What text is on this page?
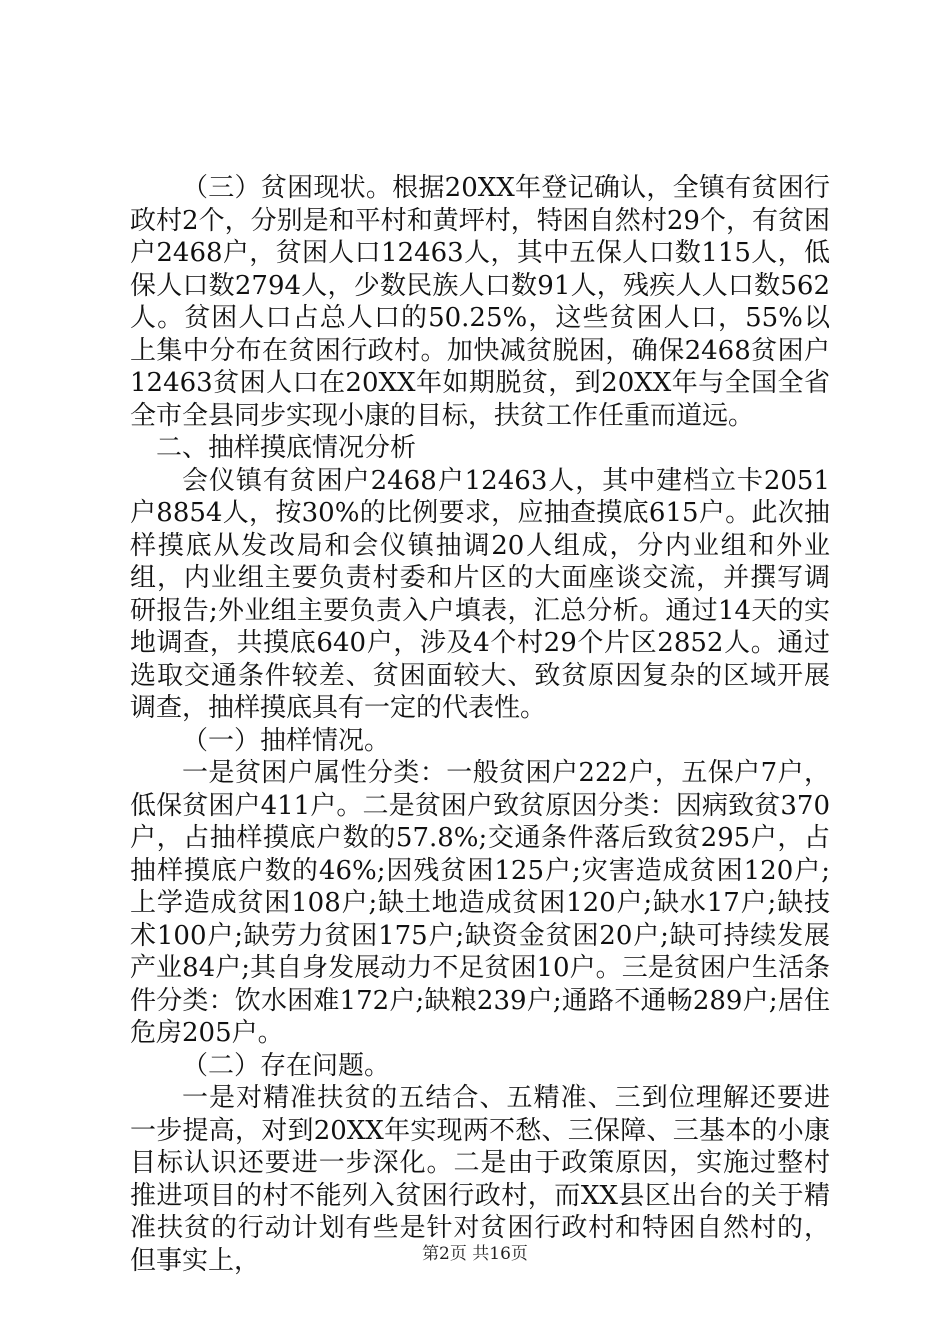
（三）贫困现状。根据20XX年登记确认，全镇有贫困行政村2个，分别是和平村和黄坪村，特困自然村29个，有贫困户2468户，贫困人口12463人，其中五保人口数115人，低保人口数2794人，少数民族人口数91人，残疾人人口数562人。贫困人口占总人口的50.25%，这些贫困人口，55%以上集中分布在贫困行政村。加快减贫脱困，确保2468贫困户12463贫困人口在20XX年如期脱贫，到20XX年与全国全省全市全县同步实现小康的目标，扶贫工作任重而道远。

二、抽样摸底情况分析

会仪镇有贫困户2468户12463人，其中建档立卡2051户8854人，按30%的比例要求，应抽查摸底615户。此次抽样摸底从发改局和会仪镇抽调20人组成，分内业组和外业组，内业组主要负责村委和片区的大面座谈交流，并撰写调研报告;外业组主要负责入户填表，汇总分析。通过14天的实地调查，共摸底640户，涉及4个村29个片区2852人。通过选取交通条件较差、贫困面较大、致贫原因复杂的区域开展调查，抽样摸底具有一定的代表性。

（一）抽样情况。

一是贫困户属性分类：一般贫困户222户，五保户7户，低保贫困户411户。二是贫困户致贫原因分类：因病致贫370户，占抽样摸底户数的57.8%;交通条件落后致贫295户，占抽样摸底户数的46%;因残贫困125户;灾害造成贫困120户;上学造成贫困108户;缺土地造成贫困120户;缺水17户;缺技术100户;缺劳力贫困175户;缺资金贫困20户;缺可持续发展产业84户;其自身发展动力不足贫困10户。三是贫困户生活条件分类：饮水困难172户;缺粮239户;通路不通畅289户;居住危房205户。

（二）存在问题。

一是对精准扶贫的五结合、五精准、三到位理解还要进一步提高，对到20XX年实现两不愁、三保障、三基本的小康目标认识还要进一步深化。二是由于政策原因，实施过整村推进项目的村不能列入贫困行政村，而XX县区出台的关于精准扶贫的行动计划有些是针对贫困行政村和特困自然村的，但事实上，	第2页 共16页
